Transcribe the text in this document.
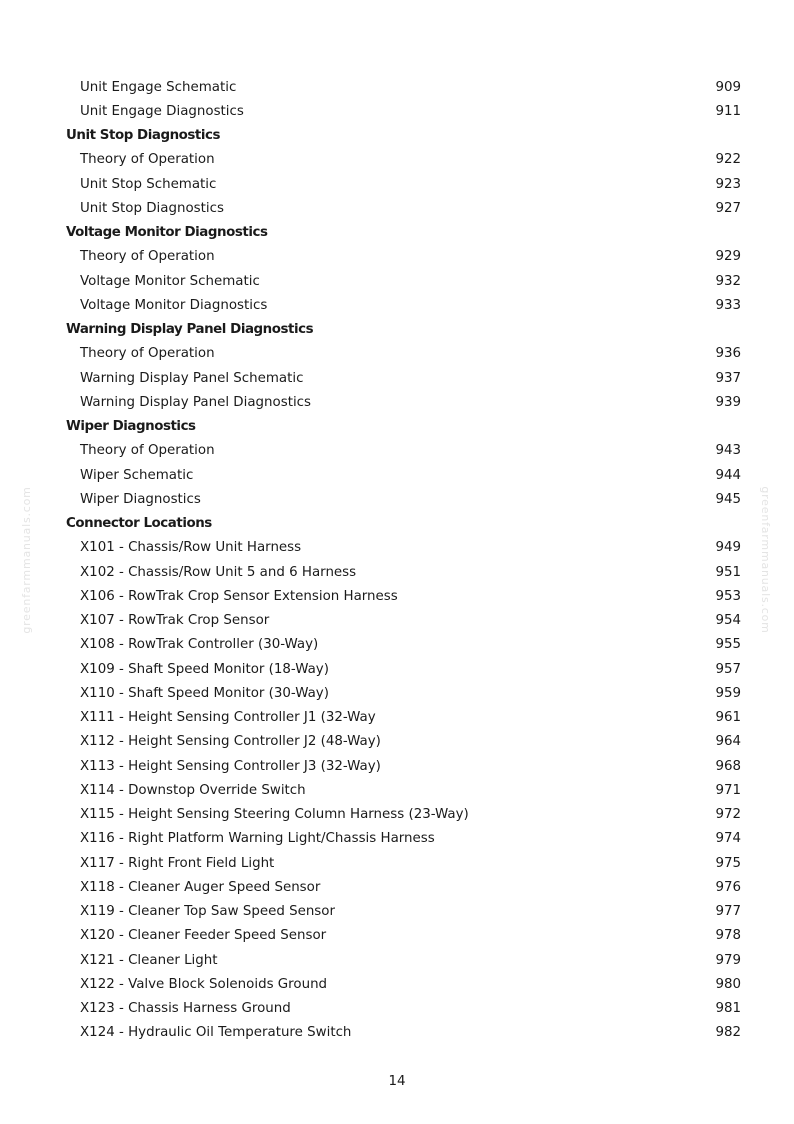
Unit Engage Schematic	909
Unit Engage Diagnostics	911
Unit Stop Diagnostics
Theory of Operation	922
Unit Stop Schematic	923
Unit Stop Diagnostics	927
Voltage Monitor Diagnostics
Theory of Operation	929
Voltage Monitor Schematic	932
Voltage Monitor Diagnostics	933
Warning Display Panel Diagnostics
Theory of Operation	936
Warning Display Panel Schematic	937
Warning Display Panel Diagnostics	939
Wiper Diagnostics
Theory of Operation	943
Wiper Schematic	944
Wiper Diagnostics	945
Connector Locations
X101 - Chassis/Row Unit Harness	949
X102 - Chassis/Row Unit 5 and 6 Harness	951
X106 - RowTrak Crop Sensor Extension Harness	953
X107 - RowTrak Crop Sensor	954
X108 - RowTrak Controller (30-Way)	955
X109 - Shaft Speed Monitor (18-Way)	957
X110 - Shaft Speed Monitor (30-Way)	959
X111 - Height Sensing Controller J1 (32-Way	961
X112 - Height Sensing Controller J2 (48-Way)	964
X113 - Height Sensing Controller J3 (32-Way)	968
X114 - Downstop Override Switch	971
X115 - Height Sensing Steering Column Harness (23-Way)	972
X116 - Right Platform Warning Light/Chassis Harness	974
X117 - Right Front Field Light	975
X118 - Cleaner Auger Speed Sensor	976
X119 - Cleaner Top Saw Speed Sensor	977
X120 - Cleaner Feeder Speed Sensor	978
X121 - Cleaner Light	979
X122 - Valve Block Solenoids Ground	980
X123 - Chassis Harness Ground	981
X124 - Hydraulic Oil Temperature Switch	982
14
greenfarmmanuals.com	greenfarmmanuals.com
